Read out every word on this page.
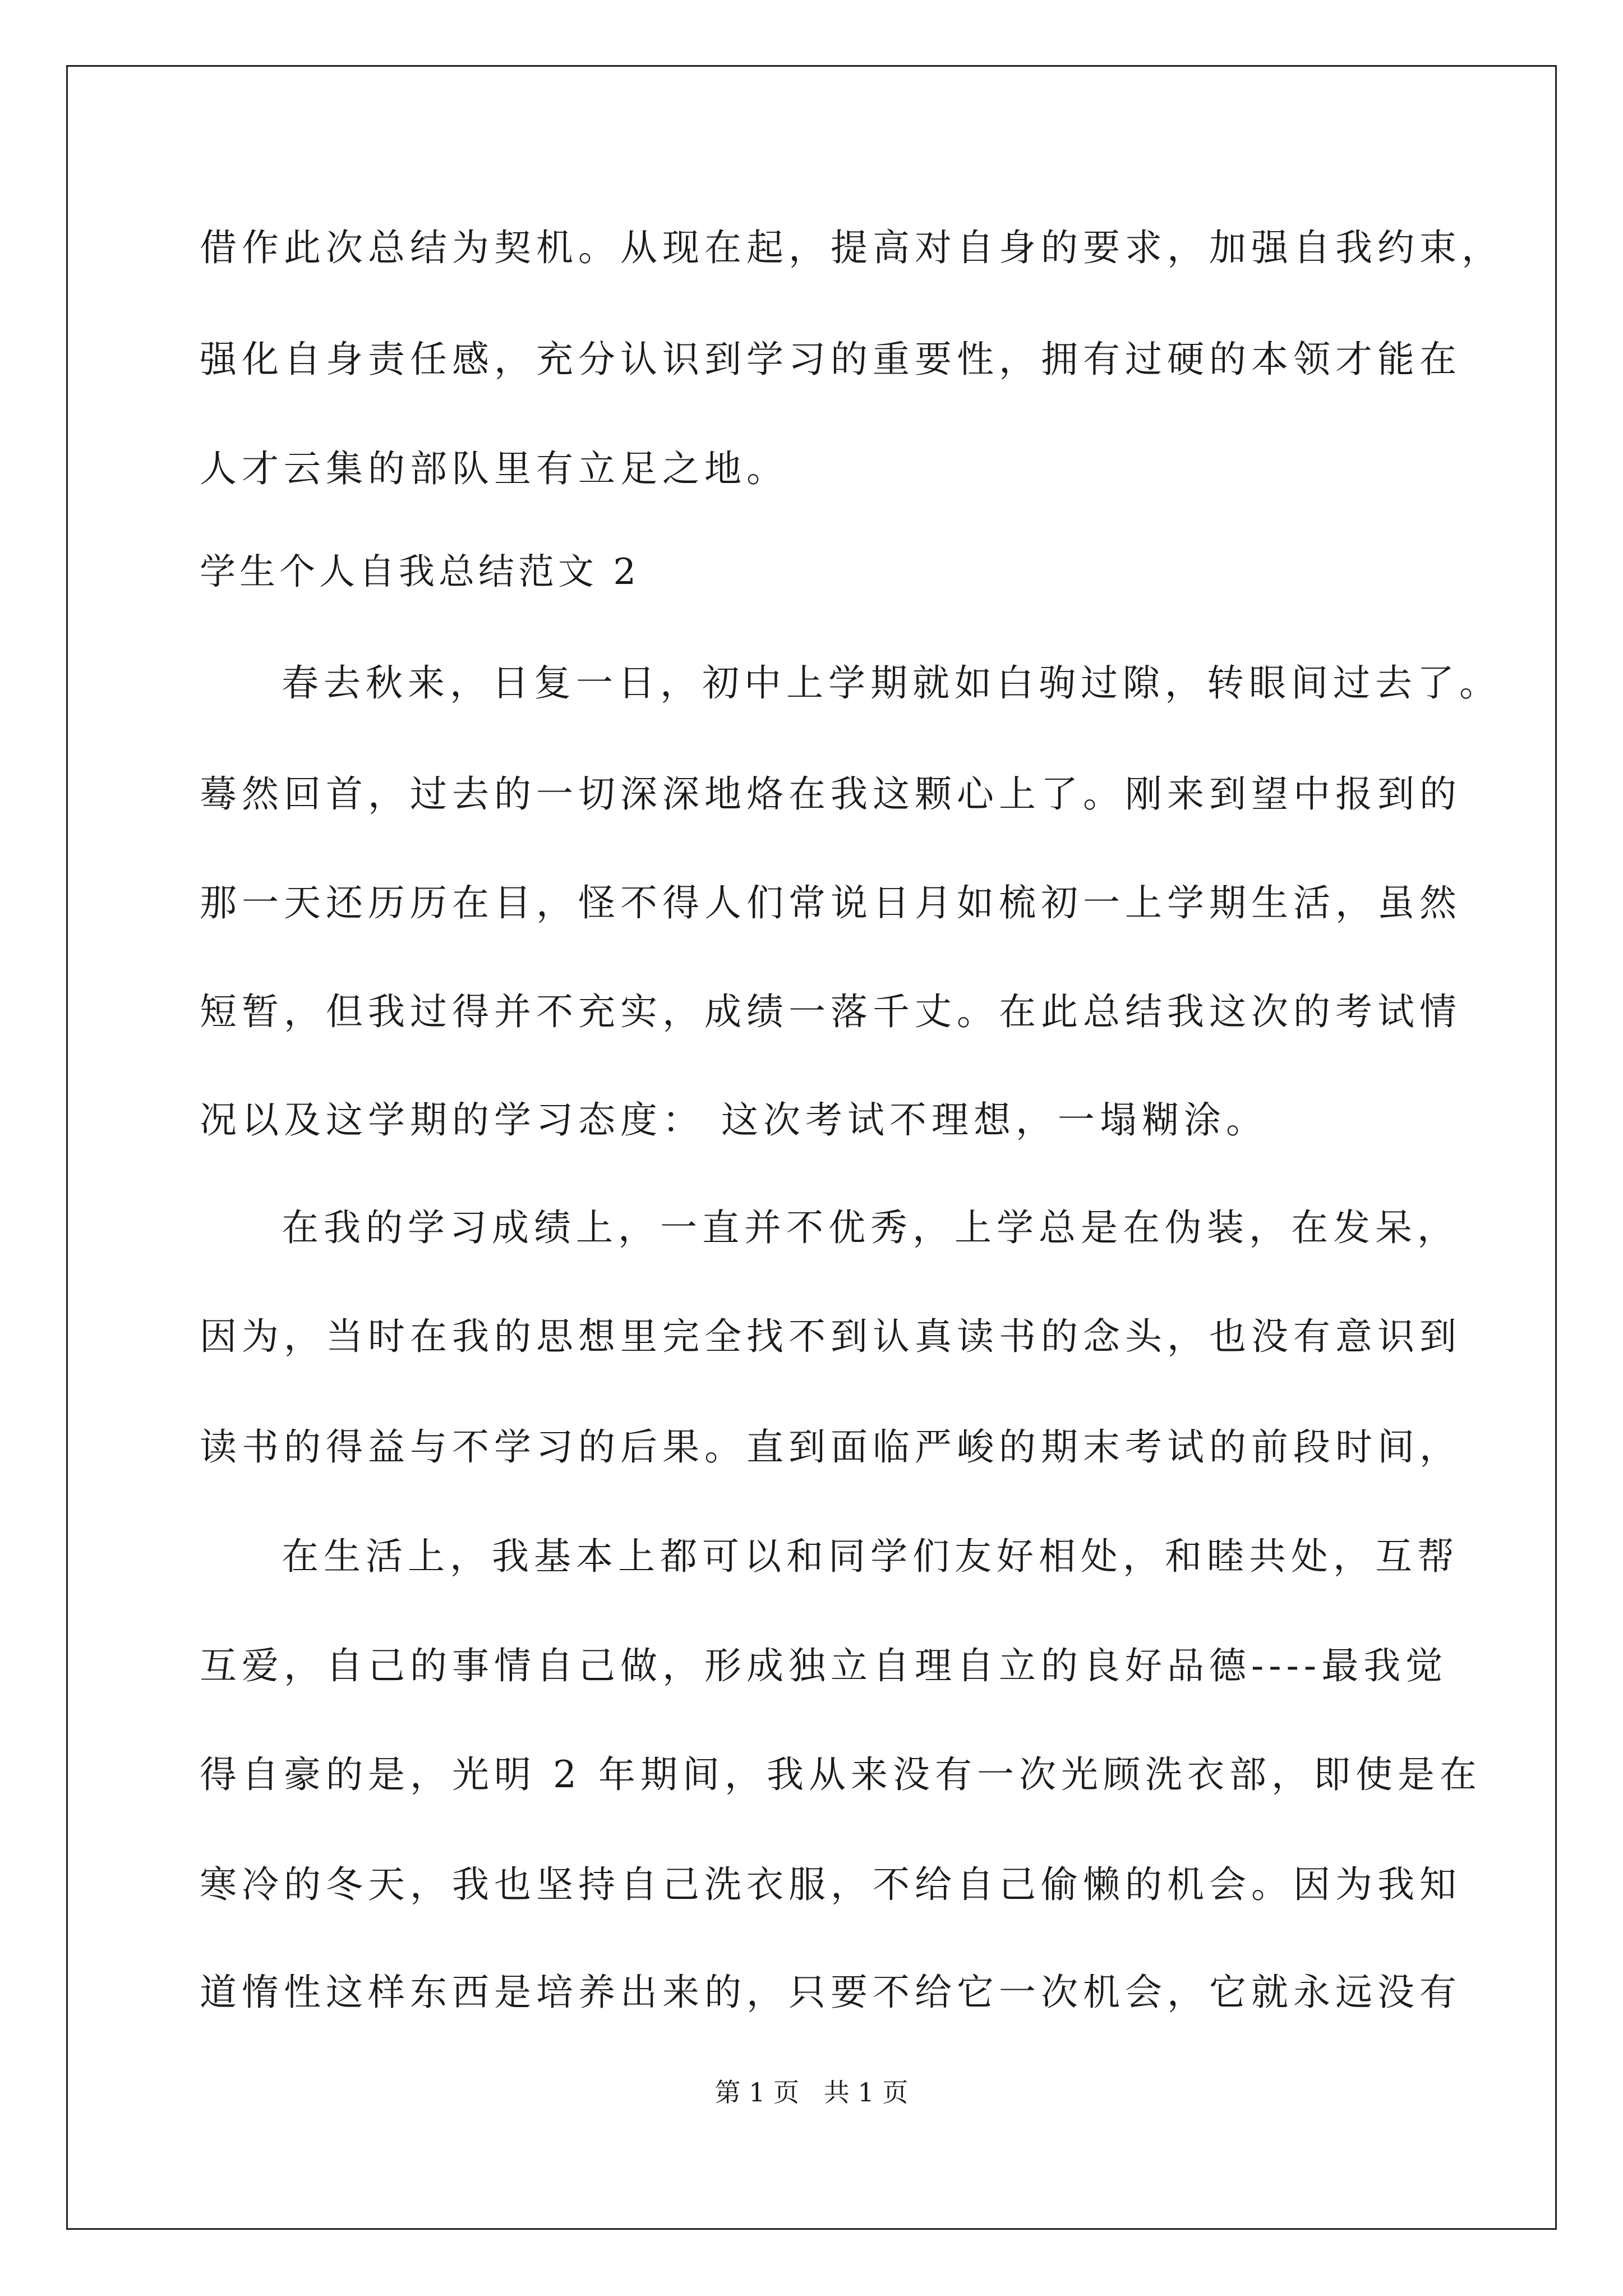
借作此次总结为契机。从现在起，提高对自身的要求，加强自我约束，
强化自身责任感，充分认识到学习的重要性，拥有过硬的本领才能在
人才云集的部队里有立足之地。
学生个人自我总结范文 2
春去秋来，日复一日，初中上学期就如白驹过隙，转眼间过去了。
蓦然回首，过去的一切深深地烙在我这颗心上了。刚来到望中报到的
那一天还历历在目，怪不得人们常说日月如梳初一上学期生活，虽然
短暂，但我过得并不充实，成绩一落千丈。在此总结我这次的考试情
况以及这学期的学习态度： 这次考试不理想，一塌糊涂。
在我的学习成绩上，一直并不优秀，上学总是在伪装，在发呆，
因为，当时在我的思想里完全找不到认真读书的念头，也没有意识到
读书的得益与不学习的后果。直到面临严峻的期末考试的前段时间，
在生活上，我基本上都可以和同学们友好相处，和睦共处，互帮
互爱，自己的事情自己做，形成独立自理自立的良好品德----最我觉
得自豪的是，光明 2 年期间，我从来没有一次光顾洗衣部，即使是在
寒冷的冬天，我也坚持自己洗衣服，不给自己偷懒的机会。因为我知
道惰性这样东西是培养出来的，只要不给它一次机会，它就永远没有
第 1 页   共 1 页
